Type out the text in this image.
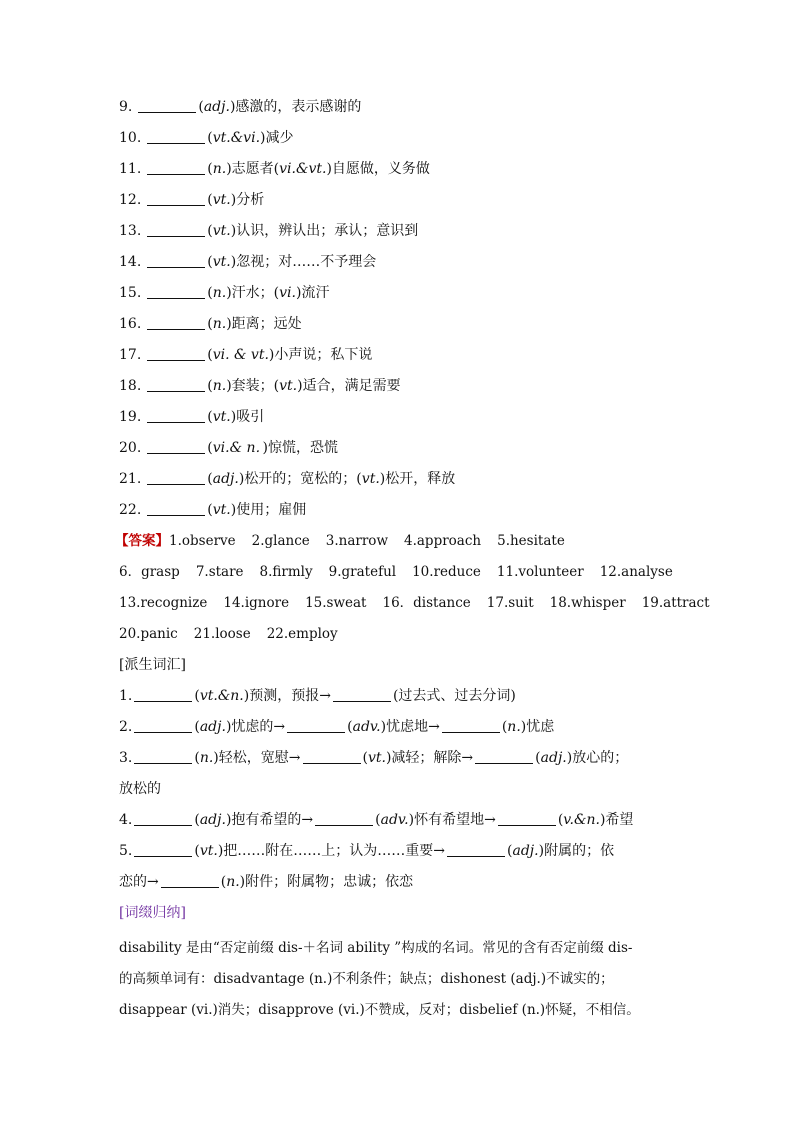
9.	(adj.)感激的，表示感谢的
10.	(vt.&vi.)减少
11.	(n.)志愿者(vi.&vt.)自愿做，义务做
12.	(vt.)分析
13.	(vt.)认识，辨认出；承认；意识到
14.	(vt.)忽视；对……不予理会
15.	(n.)汗水；(vi.)流汗
16.	(n.)距离；远处
17.	(vi. & vt.)小声说；私下说
18.	(n.)套装；(vt.)适合，满足需要
19.	(vt.)吸引
20.	(vi.& n．)惊慌，恐慌
21.	(adj.)松开的；宽松的；(vt.)松开，释放
22.	(vt.)使用；雇佣
【答案】1.observe 2.glance 3.narrow 4.approach 5.hesitate
6．grasp 7.stare 8.firmly 9.grateful 10.reduce 11.volunteer 12.analyse
13.recognize 14.ignore 15.sweat 16．distance 17.suit 18.whisper 19.attract
20.panic 21.loose 22.employ
[派生词汇]
1.	(vt.&n.)预测，预报→	(过去式、过去分词)
2.	(adj.)忧虑的→	(adv.)忧虑地→	(n.)忧虑
3.	(n.)轻松，宽慰→	(vt.)减轻；解除→	(adj.)放心的；
放松的
4.	(adj.)抱有希望的→	(adv.)怀有希望地→	(v.&n.)希望
5.	(vt.)把……附在……上；认为……重要→	(adj.)附属的；依
恋的→	(n.)附件；附属物；忠诚；依恋
[词缀归纳]
disability 是由“否定前缀 dis-＋名词 ability ”构成的名词。常见的含有否定前缀 dis-
的高频单词有：disadvantage (n.)不利条件；缺点；dishonest (adj.)不诚实的；
disappear (vi.)消失；disapprove (vi.)不赞成，反对；disbelief (n.)怀疑，不相信。
